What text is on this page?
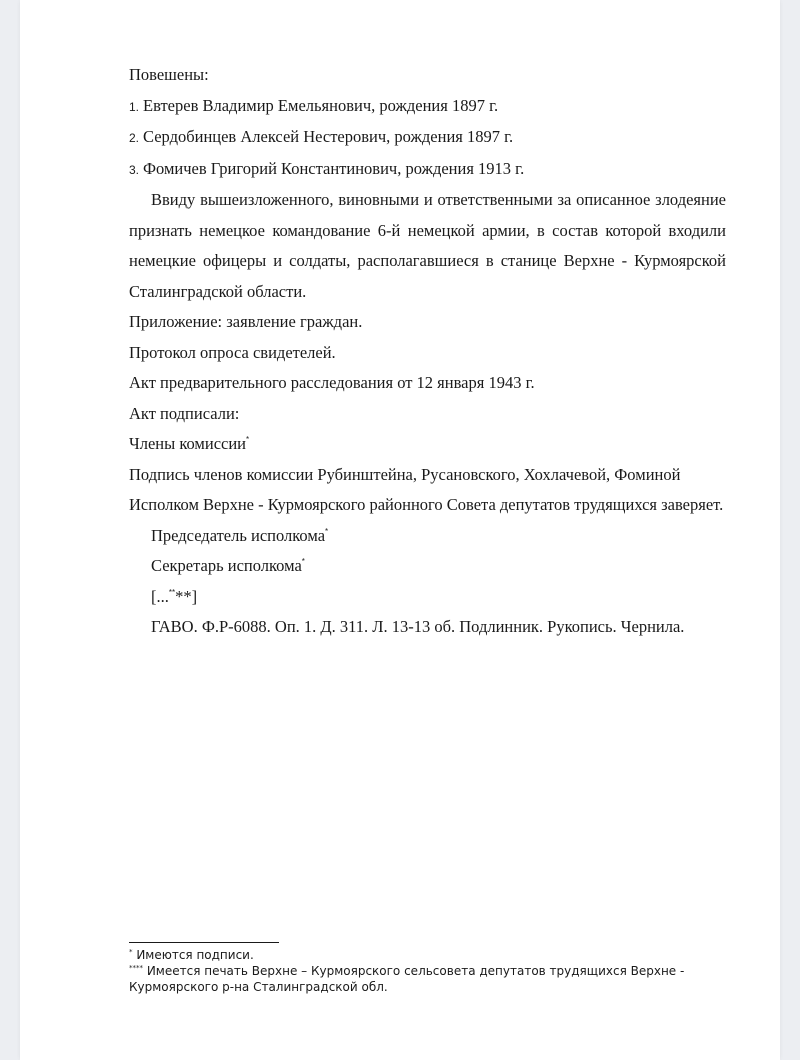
Повешены:

1. Евтерев Владимир Емельянович, рождения 1897 г.

2. Сердобинцев Алексей Нестерович, рождения 1897 г.

3. Фомичев Григорий Константинович, рождения 1913 г.

Ввиду вышеизложенного, виновными и ответственными за описанное злодеяние признать немецкое командование 6-й немецкой армии, в состав которой входили немецкие офицеры и солдаты, располагавшиеся в станице Верхне - Курмоярской Сталинградской области.

Приложение: заявление граждан.

Протокол опроса свидетелей.

Акт предварительного расследования от 12 января 1943 г.

Акт подписали:

Члены комиссии*

Подпись членов комиссии Рубинштейна, Русановского, Хохлачевой, Фоминой

Исполком Верхне - Курмоярского районного Совета депутатов трудящихся заверяет.

Председатель исполкома*

Секретарь исполкома*

[...****]

ГАВО. Ф.Р-6088. Оп. 1. Д. 311. Л. 13-13 об. Подлинник. Рукопись. Чернила.

* Имеются подписи.

**** Имеется печать Верхне – Курмоярского сельсовета депутатов трудящихся Верхне - Курмоярского р-на Сталинградской обл.
